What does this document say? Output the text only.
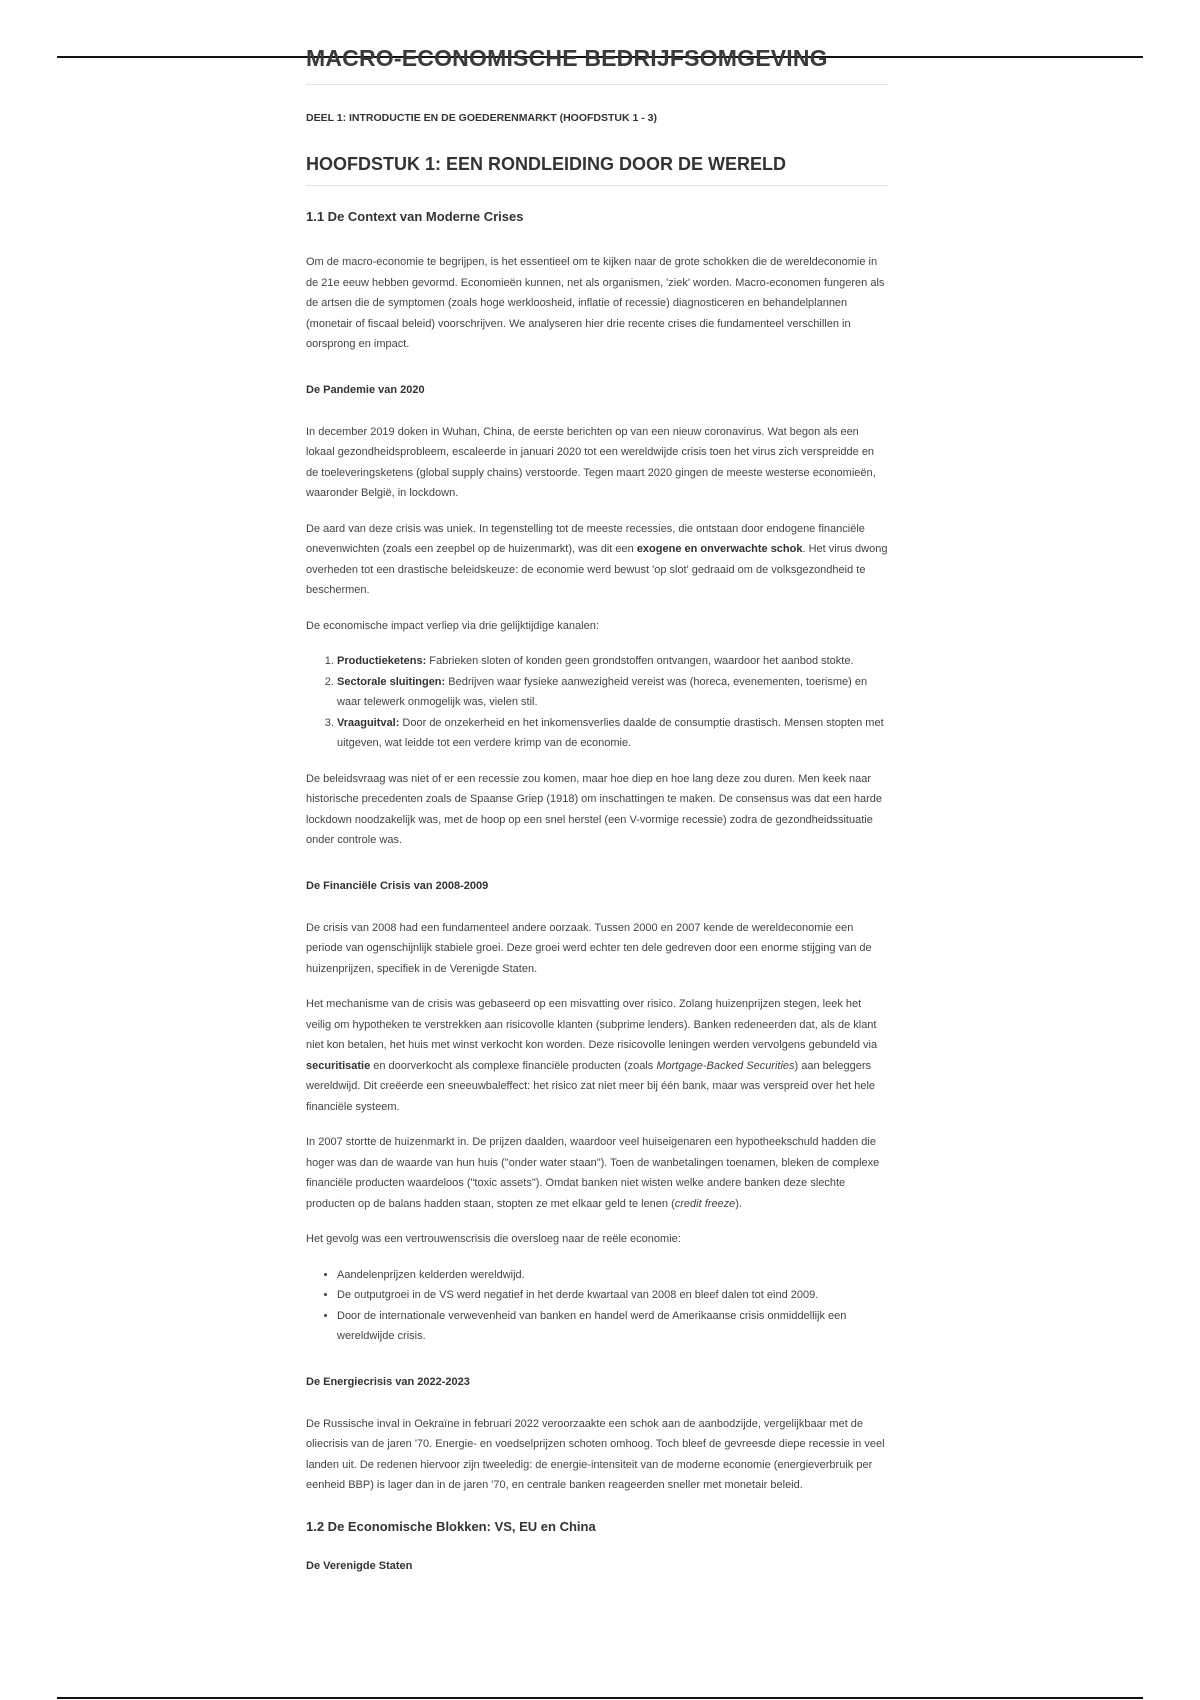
MACRO-ECONOMISCHE BEDRIJFSOMGEVING
DEEL 1: INTRODUCTIE EN DE GOEDERENMARKT (HOOFDSTUK 1 - 3)
HOOFDSTUK 1: EEN RONDLEIDING DOOR DE WERELD
1.1 De Context van Moderne Crises

Om de macro-economie te begrijpen, is het essentieel om te kijken naar de grote schokken die de wereldeconomie in de 21e eeuw hebben gevormd. Economieën kunnen, net als organismen, 'ziek' worden. Macro-economen fungeren als de artsen die de symptomen (zoals hoge werkloosheid, inflatie of recessie) diagnosticeren en behandelplannen (monetair of fiscaal beleid) voorschrijven. We analyseren hier drie recente crises die fundamenteel verschillen in oorsprong en impact.

De Pandemie van 2020

In december 2019 doken in Wuhan, China, de eerste berichten op van een nieuw coronavirus. Wat begon als een lokaal gezondheidsprobleem, escaleerde in januari 2020 tot een wereldwijde crisis toen het virus zich verspreidde en de toeleveringsketens (global supply chains) verstoorde. Tegen maart 2020 gingen de meeste westerse economieën, waaronder België, in lockdown.

De aard van deze crisis was uniek. In tegenstelling tot de meeste recessies, die ontstaan door endogene financiële onevenwichten (zoals een zeepbel op de huizenmarkt), was dit een exogene en onverwachte schok. Het virus dwong overheden tot een drastische beleidskeuze: de economie werd bewust 'op slot' gedraaid om de volksgezondheid te beschermen.

De economische impact verliep via drie gelijktijdige kanalen:

1. Productieketens: Fabrieken sloten of konden geen grondstoffen ontvangen, waardoor het aanbod stokte.
2. Sectorale sluitingen: Bedrijven waar fysieke aanwezigheid vereist was (horeca, evenementen, toerisme) en waar telewerk onmogelijk was, vielen stil.
3. Vraaguitval: Door de onzekerheid en het inkomensverlies daalde de consumptie drastisch. Mensen stopten met uitgeven, wat leidde tot een verdere krimp van de economie.

De beleidsvraag was niet of er een recessie zou komen, maar hoe diep en hoe lang deze zou duren. Men keek naar historische precedenten zoals de Spaanse Griep (1918) om inschattingen te maken. De consensus was dat een harde lockdown noodzakelijk was, met de hoop op een snel herstel (een V-vormige recessie) zodra de gezondheidssituatie onder controle was.

De Financiële Crisis van 2008-2009

De crisis van 2008 had een fundamenteel andere oorzaak. Tussen 2000 en 2007 kende de wereldeconomie een periode van ogenschijnlijk stabiele groei. Deze groei werd echter ten dele gedreven door een enorme stijging van de huizenprijzen, specifiek in de Verenigde Staten.

Het mechanisme van de crisis was gebaseerd op een misvatting over risico. Zolang huizenprijzen stegen, leek het veilig om hypotheken te verstrekken aan risicovolle klanten (subprime lenders). Banken redeneerden dat, als de klant niet kon betalen, het huis met winst verkocht kon worden. Deze risicovolle leningen werden vervolgens gebundeld via securitisatie en doorverkocht als complexe financiële producten (zoals Mortgage-Backed Securities) aan beleggers wereldwijd. Dit creëerde een sneeuwbaleffect: het risico zat niet meer bij één bank, maar was verspreid over het hele financiële systeem.

In 2007 stortte de huizenmarkt in. De prijzen daalden, waardoor veel huiseigenaren een hypotheekschuld hadden die hoger was dan de waarde van hun huis ("onder water staan"). Toen de wanbetalingen toenamen, bleken de complexe financiële producten waardeloos ("toxic assets"). Omdat banken niet wisten welke andere banken deze slechte producten op de balans hadden staan, stopten ze met elkaar geld te lenen (credit freeze).

Het gevolg was een vertrouwenscrisis die oversloeg naar de reële economie:

• Aandelenprijzen kelderden wereldwijd.
• De outputgroei in de VS werd negatief in het derde kwartaal van 2008 en bleef dalen tot eind 2009.
• Door de internationale verwevenheid van banken en handel werd de Amerikaanse crisis onmiddellijk een wereldwijde crisis.
De Energiecrisis van 2022-2023

De Russische inval in Oekraïne in februari 2022 veroorzaakte een schok aan de aanbodzijde, vergelijkbaar met de oliecrisis van de jaren '70. Energie- en voedselprijzen schoten omhoog. Toch bleef de gevreesde diepe recessie in veel landen uit. De redenen hiervoor zijn tweeledig: de energie-intensiteit van de moderne economie (energieverbruik per eenheid BBP) is lager dan in de jaren '70, en centrale banken reageerden sneller met monetair beleid.

1.2 De Economische Blokken: VS, EU en China
De Verenigde Staten
